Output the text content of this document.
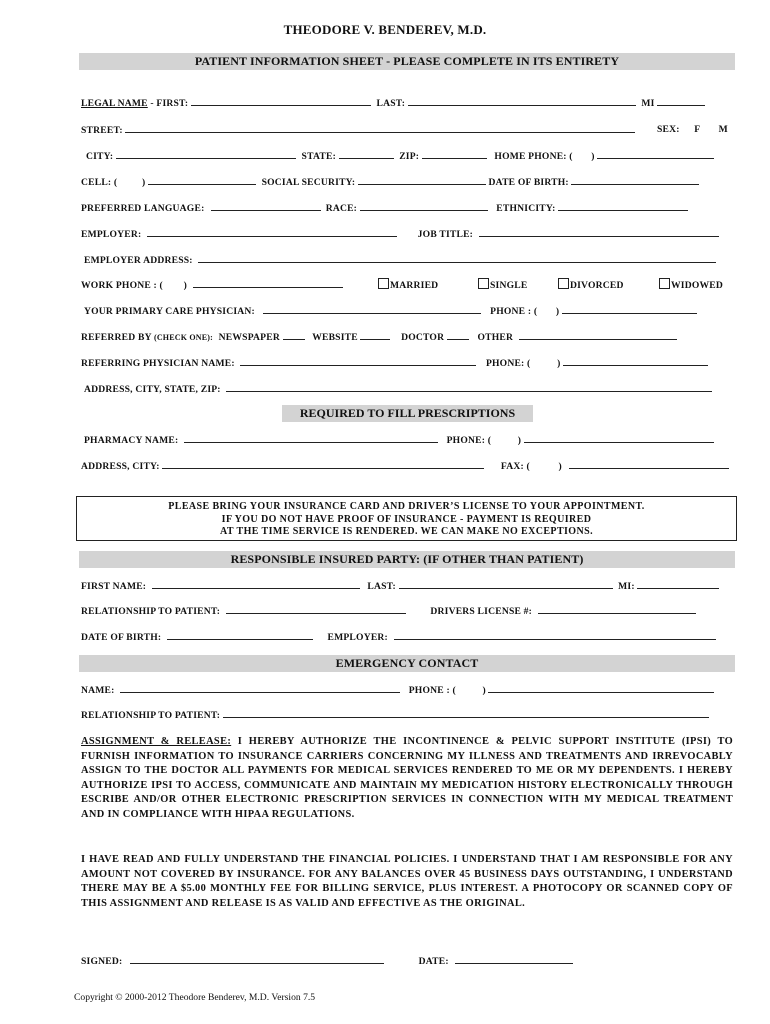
THEODORE V. BENDEREV, M.D.
PATIENT INFORMATION SHEET - PLEASE COMPLETE IN ITS ENTIRETY
LEGAL NAME - FIRST:	LAST:	MI
STREET:	SEX: F M
CITY:	STATE:	ZIP:	HOME PHONE: ( )
CELL: (	)	SOCIAL SECURITY:	DATE OF BIRTH:
PREFERRED LANGUAGE:	RACE:	ETHNICITY:
EMPLOYER:	JOB TITLE:
EMPLOYER ADDRESS:
WORK PHONE : ( )	MARRIED	SINGLE	DIVORCED	WIDOWED
YOUR PRIMARY CARE PHYSICIAN:	PHONE : ( )
REFERRED BY (CHECK ONE): NEWSPAPER	WEBSITE	DOCTOR	OTHER
REFERRING PHYSICIAN NAME:	PHONE: (	)
ADDRESS, CITY, STATE, ZIP:
REQUIRED TO FILL PRESCRIPTIONS
PHARMACY NAME:	PHONE: (	)
ADDRESS, CITY:	FAX: (	)

PLEASE BRING YOUR INSURANCE CARD AND DRIVER’S LICENSE TO YOUR APPOINTMENT.

IF YOU DO NOT HAVE PROOF OF INSURANCE - PAYMENT IS REQUIRED

AT THE TIME SERVICE IS RENDERED. WE CAN MAKE NO EXCEPTIONS.

RESPONSIBLE INSURED PARTY: (IF OTHER THAN PATIENT)
FIRST NAME:	LAST:	MI:
RELATIONSHIP TO PATIENT:	DRIVERS LICENSE #:
DATE OF BIRTH:	EMPLOYER:
EMERGENCY CONTACT
NAME:	PHONE : (	)
RELATIONSHIP TO PATIENT:
ASSIGNMENT & RELEASE: I HEREBY AUTHORIZE THE INCONTINENCE & PELVIC SUPPORT INSTITUTE (IPSI) TO FURNISH INFORMATION TO INSURANCE CARRIERS CONCERNING MY ILLNESS AND TREATMENTS AND IRREVOCABLY ASSIGN TO THE DOCTOR ALL PAYMENTS FOR MEDICAL SERVICES RENDERED TO ME OR MY DEPENDENTS. I HEREBY AUTHORIZE IPSI TO ACCESS, COMMUNICATE AND MAINTAIN MY MEDICATION HISTORY ELECTRONICALLY THROUGH ESCRIBE AND/OR OTHER ELECTRONIC PRESCRIPTION SERVICES IN CONNECTION WITH MY MEDICAL TREATMENT AND IN COMPLIANCE WITH HIPAA REGULATIONS.
I HAVE READ AND FULLY UNDERSTAND THE FINANCIAL POLICIES. I UNDERSTAND THAT I AM RESPONSIBLE FOR ANY AMOUNT NOT COVERED BY INSURANCE. FOR ANY BALANCES OVER 45 BUSINESS DAYS OUTSTANDING, I UNDERSTAND THERE MAY BE A $5.00 MONTHLY FEE FOR BILLING SERVICE, PLUS INTEREST. A PHOTOCOPY OR SCANNED COPY OF THIS ASSIGNMENT AND RELEASE IS AS VALID AND EFFECTIVE AS THE ORIGINAL.
SIGNED:	DATE:
Copyright © 2000-2012 Theodore Benderev, M.D. Version 7.5
